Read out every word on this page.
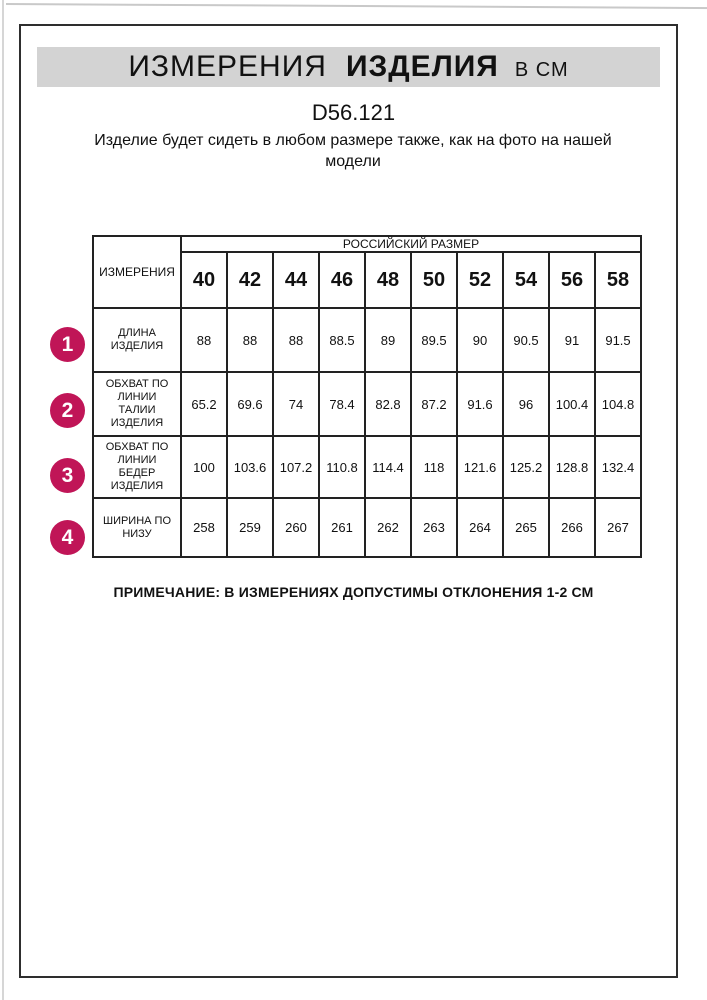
ИЗМЕРЕНИЯ ИЗДЕЛИЯ В СМ
D56.121
Изделие будет сидеть в любом размере также, как на фото на нашей модели
1
2
3
4
ИЗМЕРЕНИЯ	РОССИЙСКИЙ РАЗМЕР									
	40	42	44	46	48	50	52	54	56	58
ДЛИНА
ИЗДЕЛИЯ	88	88	88	88.5	89	89.5	90	90.5	91	91.5
ОБХВАТ ПО
ЛИНИИ
ТАЛИИ
ИЗДЕЛИЯ	65.2	69.6	74	78.4	82.8	87.2	91.6	96	100.4	104.8
ОБХВАТ ПО
ЛИНИИ
БЕДЕР
ИЗДЕЛИЯ	100	103.6	107.2	110.8	114.4	118	121.6	125.2	128.8	132.4
ШИРИНА ПО
НИЗУ	258	259	260	261	262	263	264	265	266	267
ПРИМЕЧАНИЕ: В ИЗМЕРЕНИЯХ ДОПУСТИМЫ ОТКЛОНЕНИЯ 1-2 СМ
